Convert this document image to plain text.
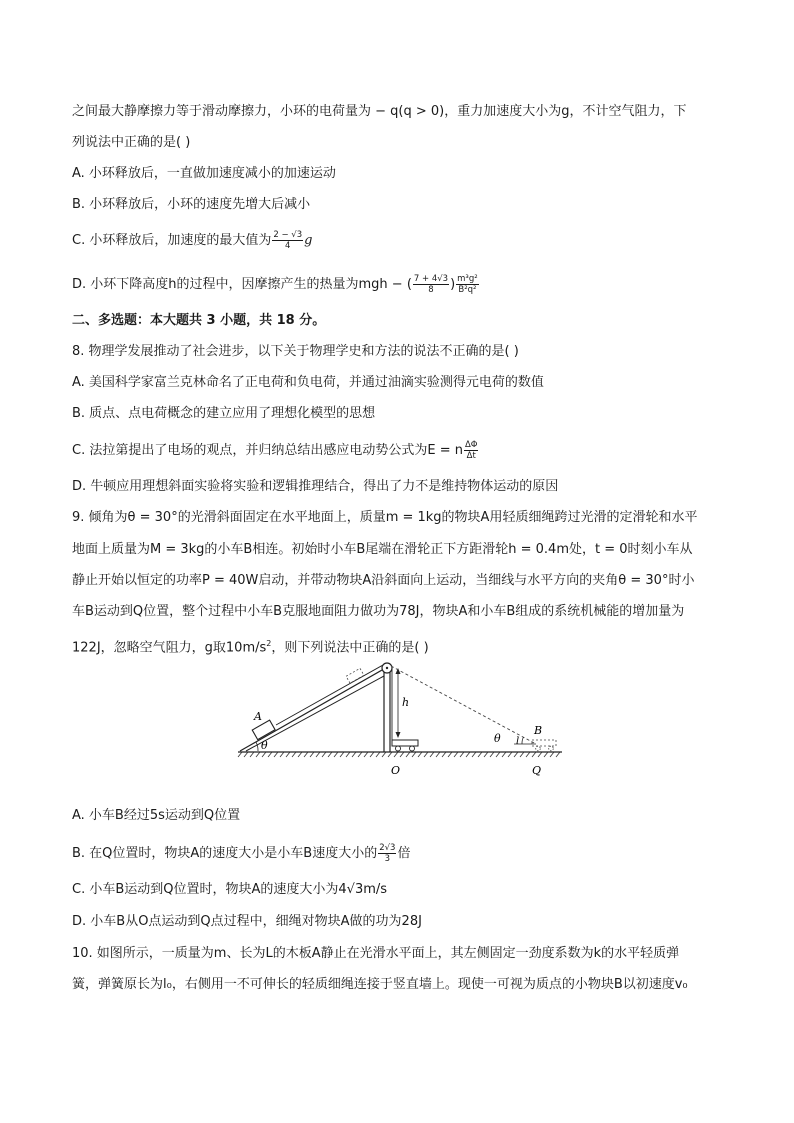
之间最大静摩擦力等于滑动摩擦力，小环的电荷量为 − q(q > 0)，重力加速度大小为g，不计空气阻力，下
列说法中正确的是( )
A. 小环释放后，一直做加速度减小的加速运动
B. 小环释放后，小环的速度先增大后减小
C. 小环释放后，加速度的最大值为 $\frac{2 - √3}{4}$ g
D. 小环下降高度h的过程中，因摩擦产生的热量为mgh − ( $\frac{7 + 4√3}{8}$ ) $\frac{\text{m³g²}}{\text{B²q²}}$
二、多选题：本大题共 3 小题，共 18 分。
8. 物理学发展推动了社会进步，以下关于物理学史和方法的说法不正确的是( )
A. 美国科学家富兰克林命名了正电荷和负电荷，并通过油滴实验测得元电荷的数值
B. 质点、点电荷概念的建立应用了理想化模型的思想
C. 法拉第提出了电场的观点，并归纳总结出感应电动势公式为E = n $\frac{\Delta\Phi}{\Delta t}$
D. 牛顿应用理想斜面实验将实验和逻辑推理结合，得出了力不是维持物体运动的原因
9. 倾角为θ = 30°的光滑斜面固定在水平地面上，质量m = 1kg的物块A用轻质细绳跨过光滑的定滑轮和水平
地面上质量为M = 3kg的小车B相连。初始时小车B尾端在滑轮正下方距滑轮h = 0.4m处，t = 0时刻小车从
静止开始以恒定的功率P = 40W启动，并带动物块A沿斜面向上运动，当细线与水平方向的夹角θ = 30°时小
车B运动到Q位置，整个过程中小车B克服地面阻力做功为78J，物块A和小车B组成的系统机械能的增加量为
122J，忽略空气阻力，g取$10m/s^2$，则下列说法中正确的是( )
h
A
θ
O
θ l
B
Q
A. 小车B经过5s运动到Q位置
B. 在Q位置时，物块A的速度大小是小车B速度大小的 $\frac{2√3}{3}$ 倍
C. 小车B运动到Q位置时，物块A的速度大小为4√3m/s
D. 小车B从O点运动到Q点过程中，细绳对物块A做的功为28J
10. 如图所示，一质量为m、长为L的木板A静止在光滑水平面上，其左侧固定一劲度系数为k的水平轻质弹
簧，弹簧原长为l₀，右侧用一不可伸长的轻质细绳连接于竖直墙上。现使一可视为质点的小物块B以初速度v₀
